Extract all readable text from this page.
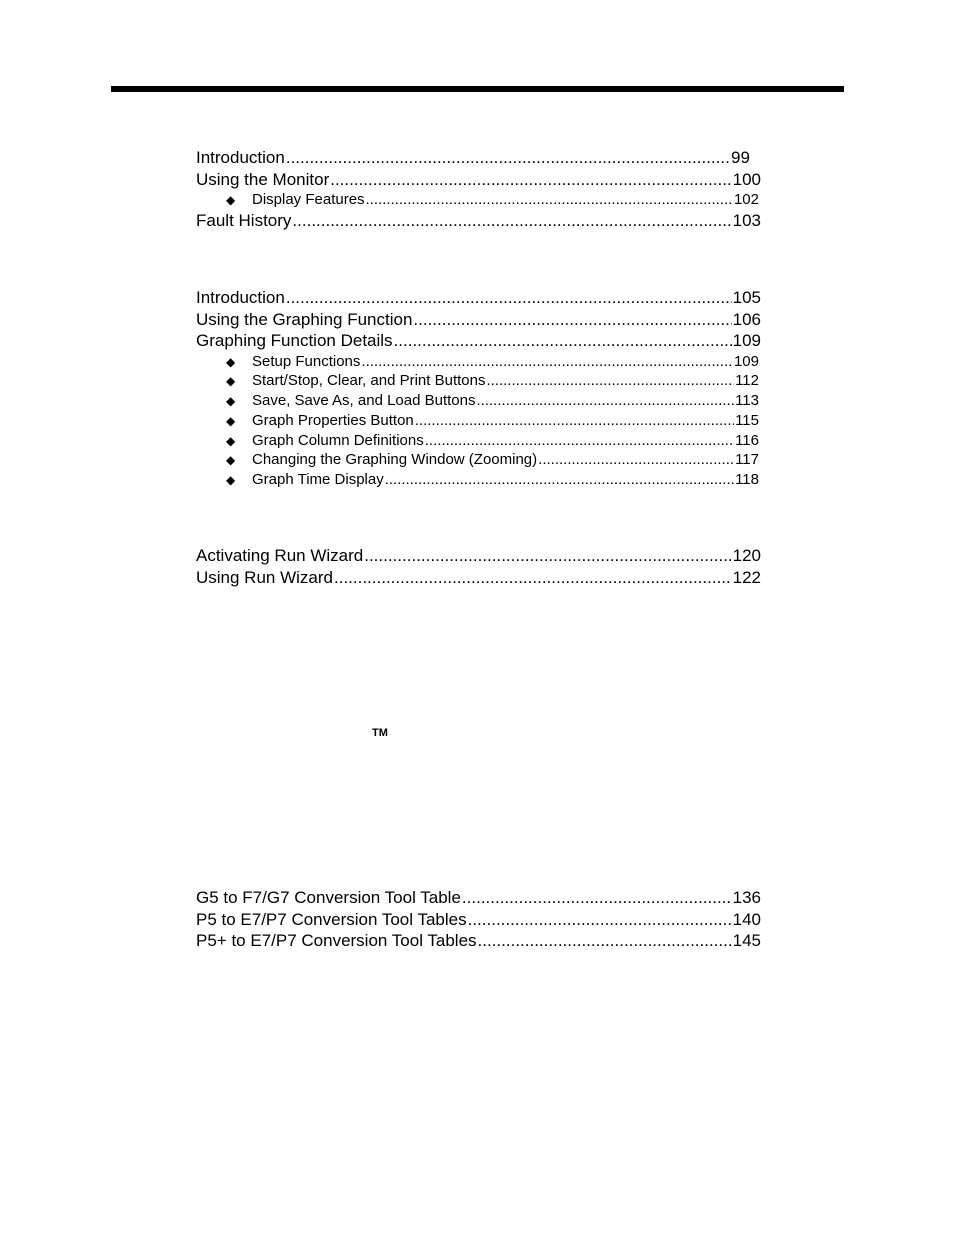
Introduction .....	99
Using the Monitor .....	100
◆	Display Features .....	102
Fault History .....	103
Introduction .....	105
Using the Graphing Function .....	106
Graphing Function Details .....	109
◆	Setup Functions .....	109
◆	Start/Stop, Clear, and Print Buttons .....	112
◆	Save, Save As, and Load Buttons .....	113
◆	Graph Properties Button .....	115
◆	Graph Column Definitions .....	116
◆	Changing the Graphing Window (Zooming) .....	117
◆	Graph Time Display .....	118
Activating Run Wizard .....	120
Using Run Wizard .....	122
TM
G5 to F7/G7 Conversion Tool Table .....	136
P5 to E7/P7 Conversion Tool Tables .....	140
P5+ to E7/P7 Conversion Tool Tables .....	145
